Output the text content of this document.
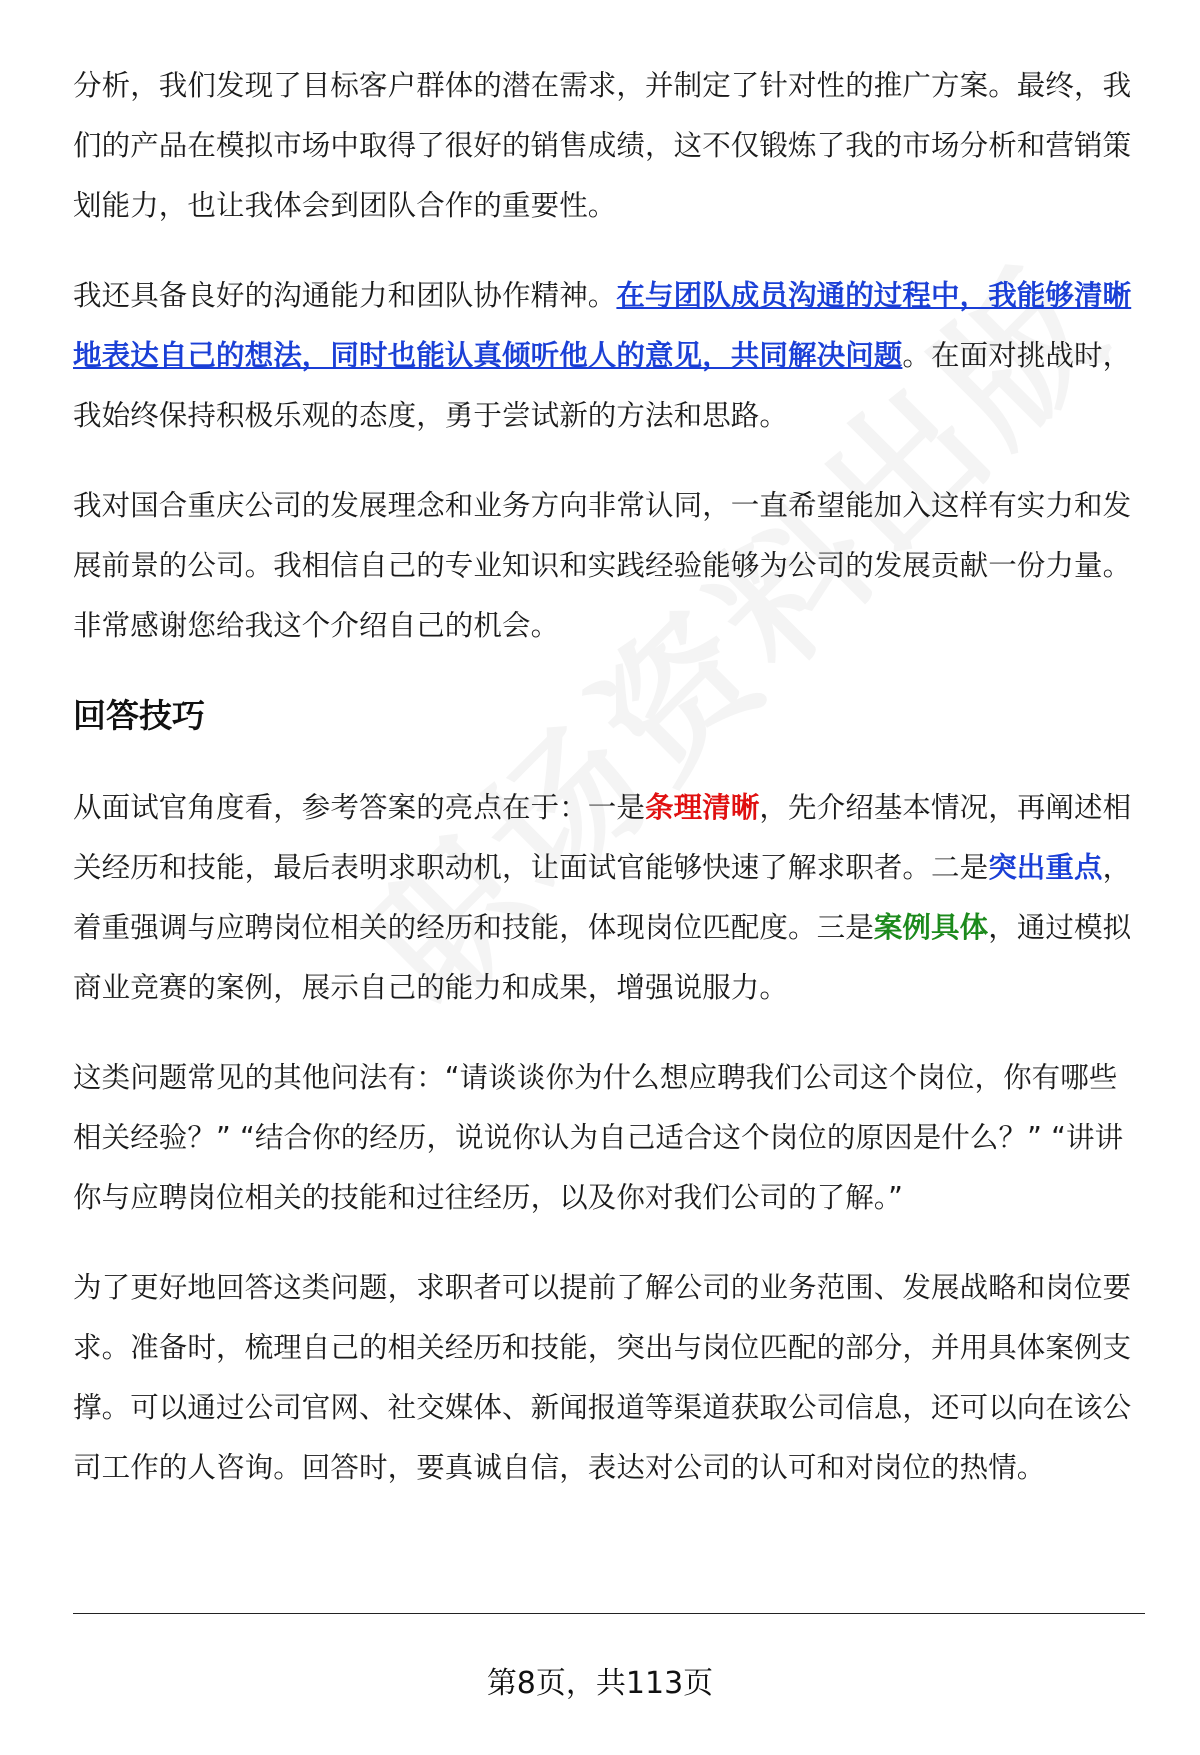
分析，我们发现了目标客户群体的潜在需求，并制定了针对性的推广方案。最终，我们的产品在模拟市场中取得了很好的销售成绩，这不仅锻炼了我的市场分析和营销策划能力，也让我体会到团队合作的重要性。

我还具备良好的沟通能力和团队协作精神。在与团队成员沟通的过程中，我能够清晰地表达自己的想法，同时也能认真倾听他人的意见，共同解决问题。在面对挑战时，我始终保持积极乐观的态度，勇于尝试新的方法和思路。

我对国合重庆公司的发展理念和业务方向非常认同，一直希望能加入这样有实力和发展前景的公司。我相信自己的专业知识和实践经验能够为公司的发展贡献一份力量。非常感谢您给我这个介绍自己的机会。

回答技巧

从面试官角度看，参考答案的亮点在于：一是条理清晰，先介绍基本情况，再阐述相关经历和技能，最后表明求职动机，让面试官能够快速了解求职者。二是突出重点，着重强调与应聘岗位相关的经历和技能，体现岗位匹配度。三是案例具体，通过模拟商业竞赛的案例，展示自己的能力和成果，增强说服力。

这类问题常见的其他问法有：“请谈谈你为什么想应聘我们公司这个岗位，你有哪些相关经验？” “结合你的经历，说说你认为自己适合这个岗位的原因是什么？” “讲讲你与应聘岗位相关的技能和过往经历，以及你对我们公司的了解。”

为了更好地回答这类问题，求职者可以提前了解公司的业务范围、发展战略和岗位要求。准备时，梳理自己的相关经历和技能，突出与岗位匹配的部分，并用具体案例支撑。可以通过公司官网、社交媒体、新闻报道等渠道获取公司信息，还可以向在该公司工作的人咨询。回答时，要真诚自信，表达对公司的认可和对岗位的热情。

第8页，共113页
